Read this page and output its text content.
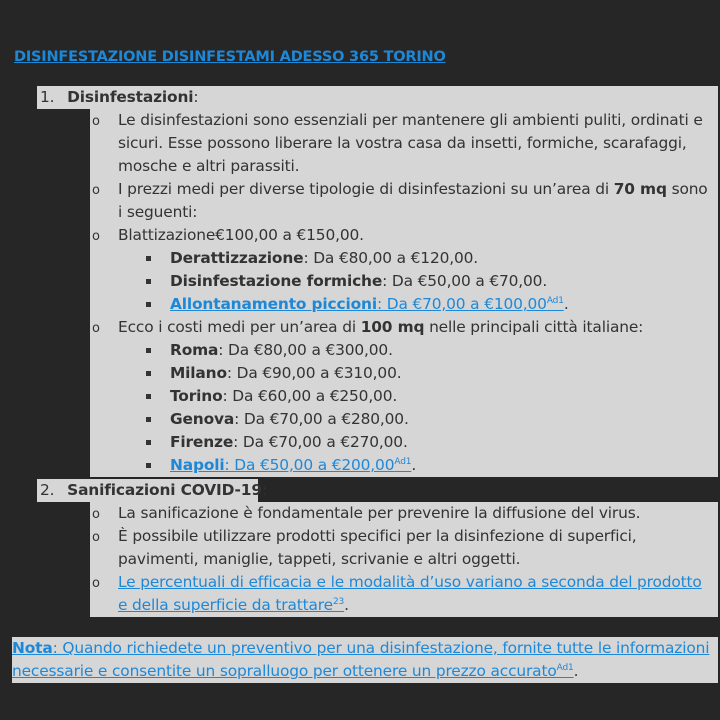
DISINFESTAZIONE DISINFESTAMI ADESSO 365 TORINO
1. Disinfestazioni:
o Le disinfestazioni sono essenziali per mantenere gli ambienti puliti, ordinati e
sicuri. Esse possono liberare la vostra casa da insetti, formiche, scarafaggi,
mosche e altri parassiti.
o I prezzi medi per diverse tipologie di disinfestazioni su un’area di 70 mq sono
i seguenti:
o Blattizazione€100,00 a €150,00.
Derattizzazione: Da €80,00 a €120,00.
Disinfestazione formiche: Da €50,00 a €70,00.
Allontanamento piccioni: Da €70,00 a $€100,00^{Ad1}$.
o Ecco i costi medi per un’area di 100 mq nelle principali città italiane:
Roma: Da €80,00 a €300,00.
Milano: Da €90,00 a €310,00.
Torino: Da €60,00 a €250,00.
Genova: Da €70,00 a €280,00.
Firenze: Da €70,00 a €270,00.
Napoli: Da €50,00 a $€200,00^{Ad1}$.
2. Sanificazioni COVID-19:
o La sanificazione è fondamentale per prevenire la diffusione del virus.
o È possibile utilizzare prodotti specifici per la disinfezione di superfici,
pavimenti, maniglie, tappeti, scrivanie e altri oggetti.
o Le percentuali di efficacia e le modalità d’uso variano a seconda del prodotto
e della superficie da trattare$^{23}$.
Nota: Quando richiedete un preventivo per una disinfestazione, fornite tutte le informazioni
necessarie e consentite un sopralluogo per ottenere un prezzo accurato$^{Ad1}$.
